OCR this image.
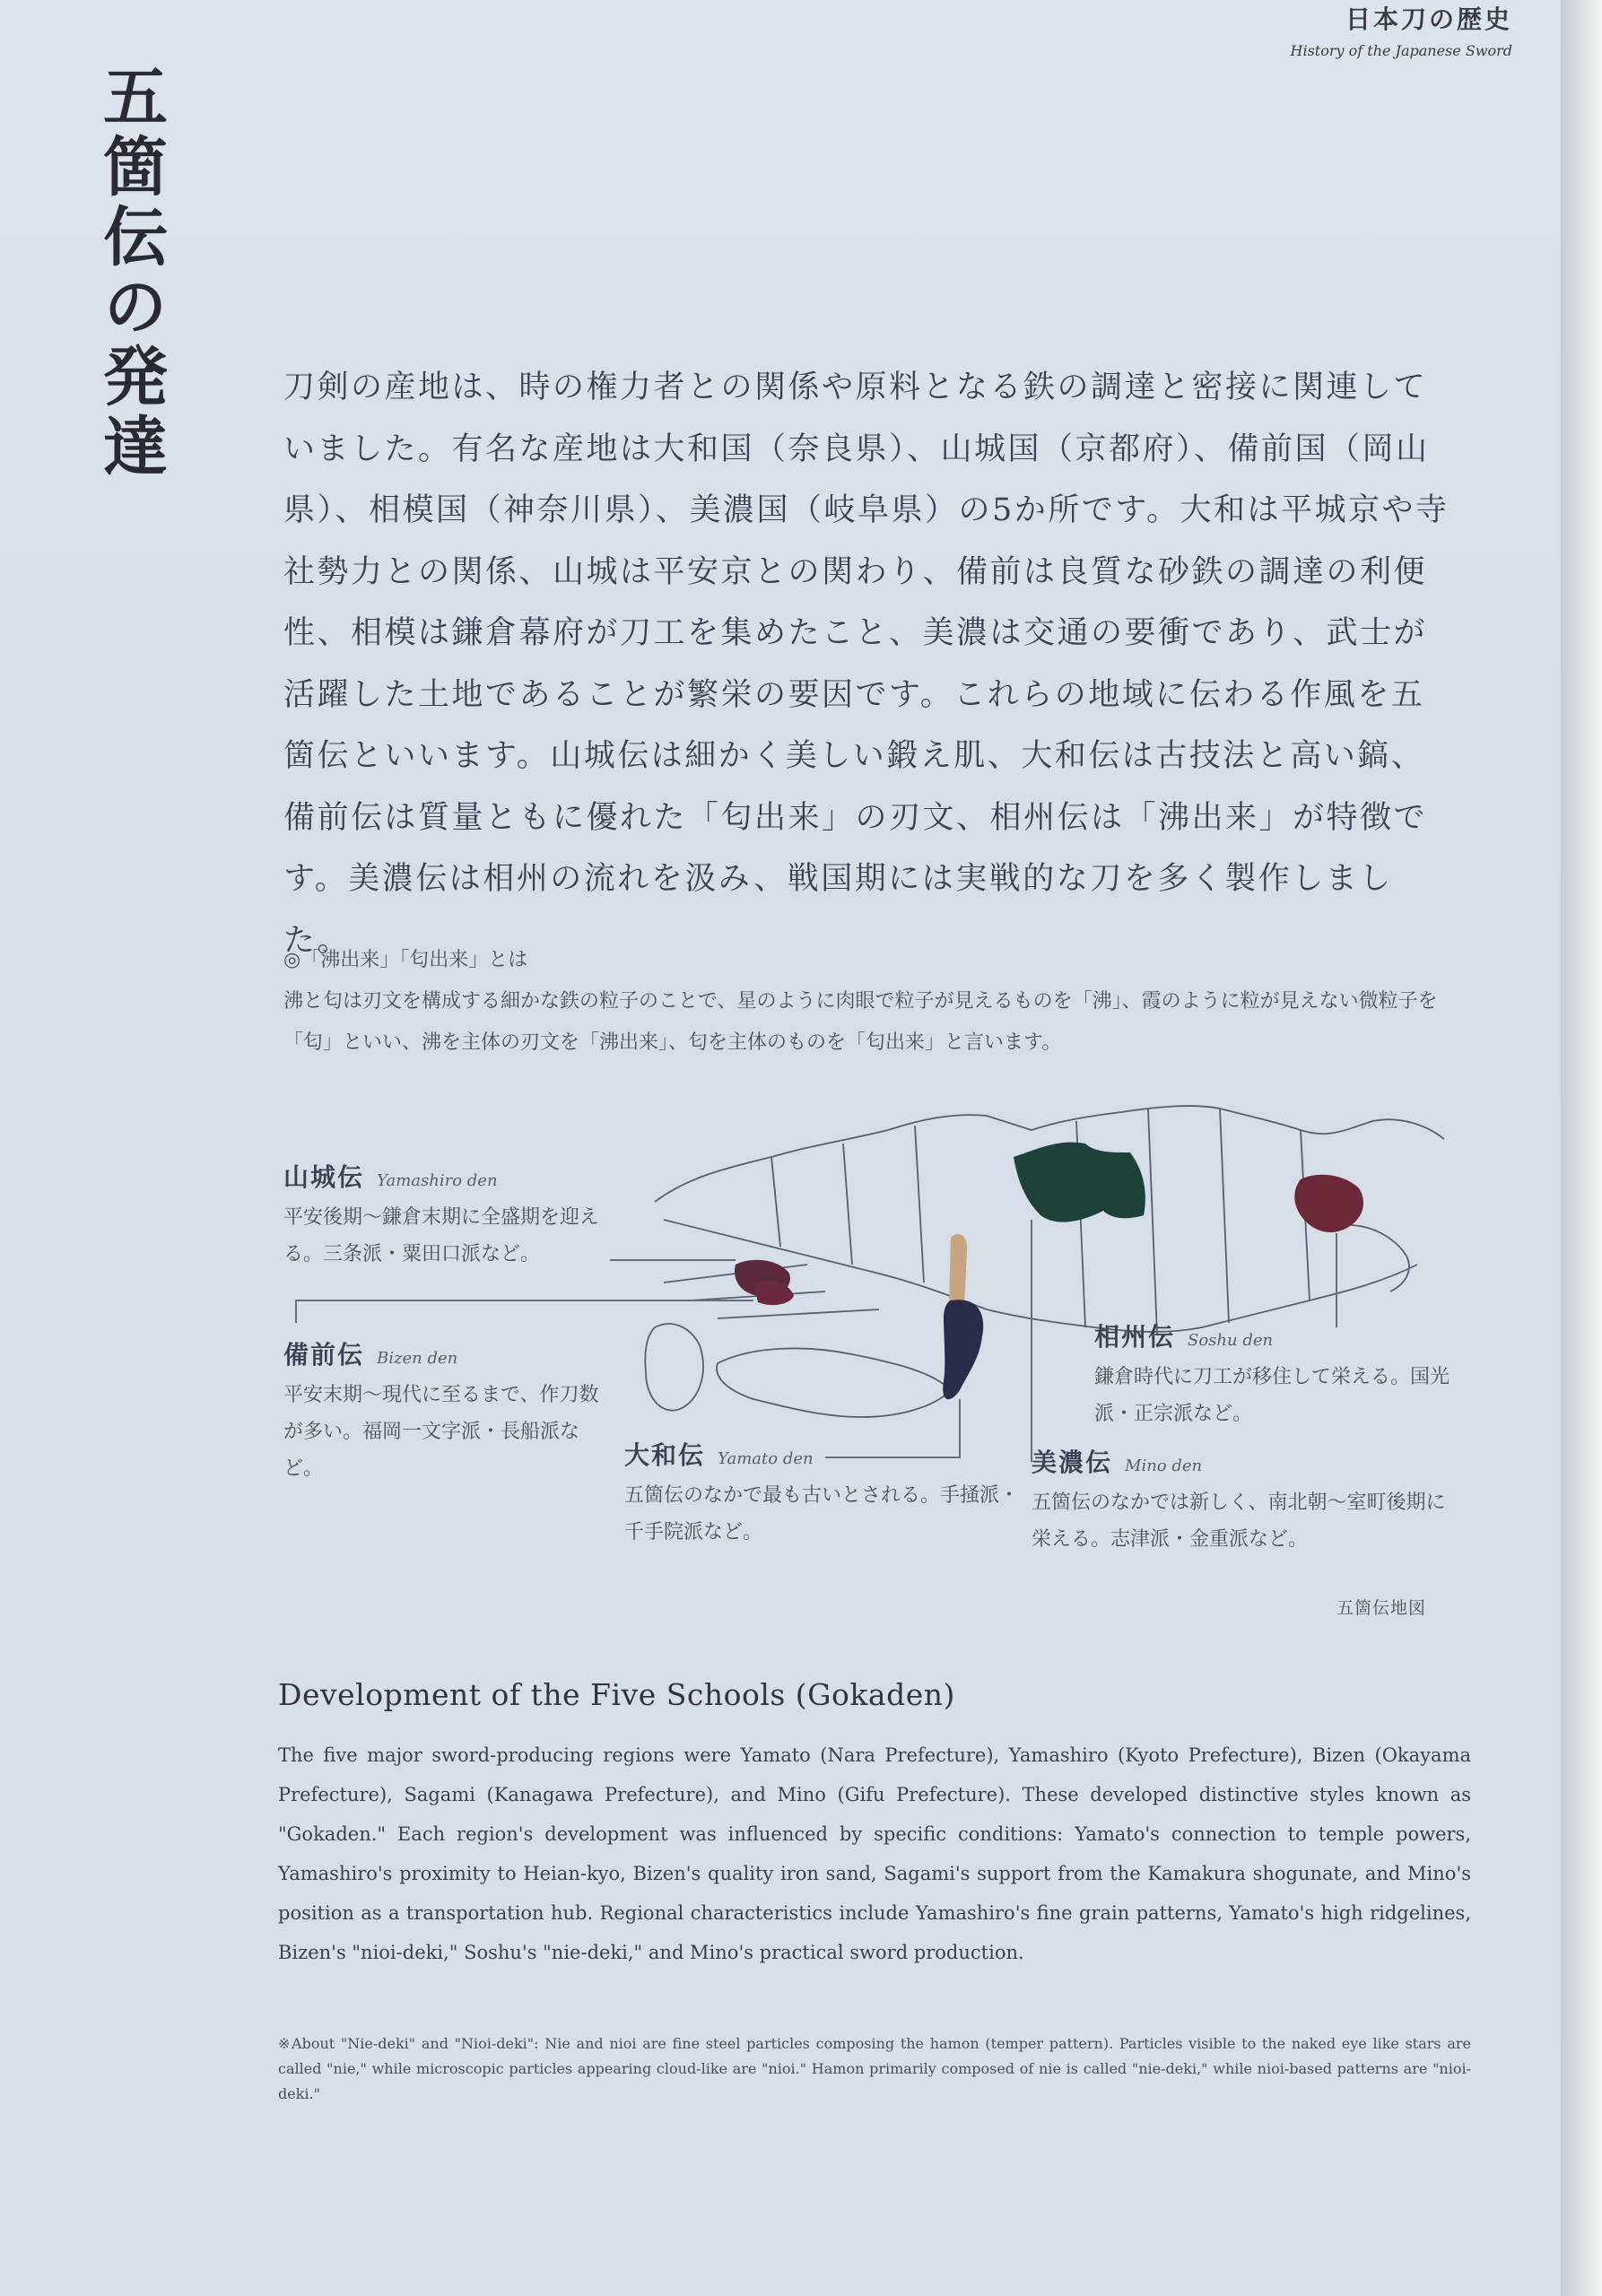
日本刀の歴史
History of the Japanese Sword
五箇伝の発達	刀剣の産地は、時の権力者との関係や原料となる鉄の調達と密接に関連していました。有名な産地は大和国（奈良県）、山城国（京都府）、備前国（岡山県）、相模国（神奈川県）、美濃国（岐阜県）の5か所です。大和は平城京や寺社勢力との関係、山城は平安京との関わり、備前は良質な砂鉄の調達の利便性、相模は鎌倉幕府が刀工を集めたこと、美濃は交通の要衝であり、武士が活躍した土地であることが繁栄の要因です。これらの地域に伝わる作風を五箇伝といいます。山城伝は細かく美しい鍛え肌、大和伝は古技法と高い鎬、備前伝は質量ともに優れた「匂出来」の刃文、相州伝は「沸出来」が特徴です。美濃伝は相州の流れを汲み、戦国期には実戦的な刀を多く製作しました。

◎「沸出来」「匂出来」とは
沸と匂は刃文を構成する細かな鉄の粒子のことで、星のように肉眼で粒子が見えるものを「沸」、霞のように粒が見えない微粒子を「匂」といい、沸を主体の刃文を「沸出来」、匂を主体のものを「匂出来」と言います。

山城伝 Yamashiro den
平安後期〜鎌倉末期に全盛期を迎える。三条派・粟田口派など。
備前伝 Bizen den
平安末期〜現代に至るまで、作刀数が多い。福岡一文字派・長船派など。	大和伝 Yamato den
五箇伝のなかで最も古いとされる。手掻派・千手院派など。
相州伝 Soshu den
鎌倉時代に刀工が移住して栄える。国光派・正宗派など。
美濃伝 Mino den
五箇伝のなかでは新しく、南北朝〜室町後期に栄える。志津派・金重派など。
五箇伝地図
Development of the Five Schools (Gokaden)

The five major sword-producing regions were Yamato (Nara Prefecture), Yamashiro (Kyoto Prefecture), Bizen (Okayama Prefecture), Sagami (Kanagawa Prefecture), and Mino (Gifu Prefecture). These developed distinctive styles known as "Gokaden." Each region's development was influenced by specific conditions: Yamato's connection to temple powers, Yamashiro's proximity to Heian-kyo, Bizen's quality iron sand, Sagami's support from the Kamakura shogunate, and Mino's position as a transportation hub. Regional characteristics include Yamashiro's fine grain patterns, Yamato's high ridgelines, Bizen's "nioi-deki," Soshu's "nie-deki," and Mino's practical sword production.

※About "Nie-deki" and "Nioi-deki": Nie and nioi are fine steel particles composing the hamon (temper pattern). Particles visible to the naked eye like stars are called "nie," while microscopic particles appearing cloud-like are "nioi." Hamon primarily composed of nie is called "nie-deki," while nioi-based patterns are "nioi-deki."
